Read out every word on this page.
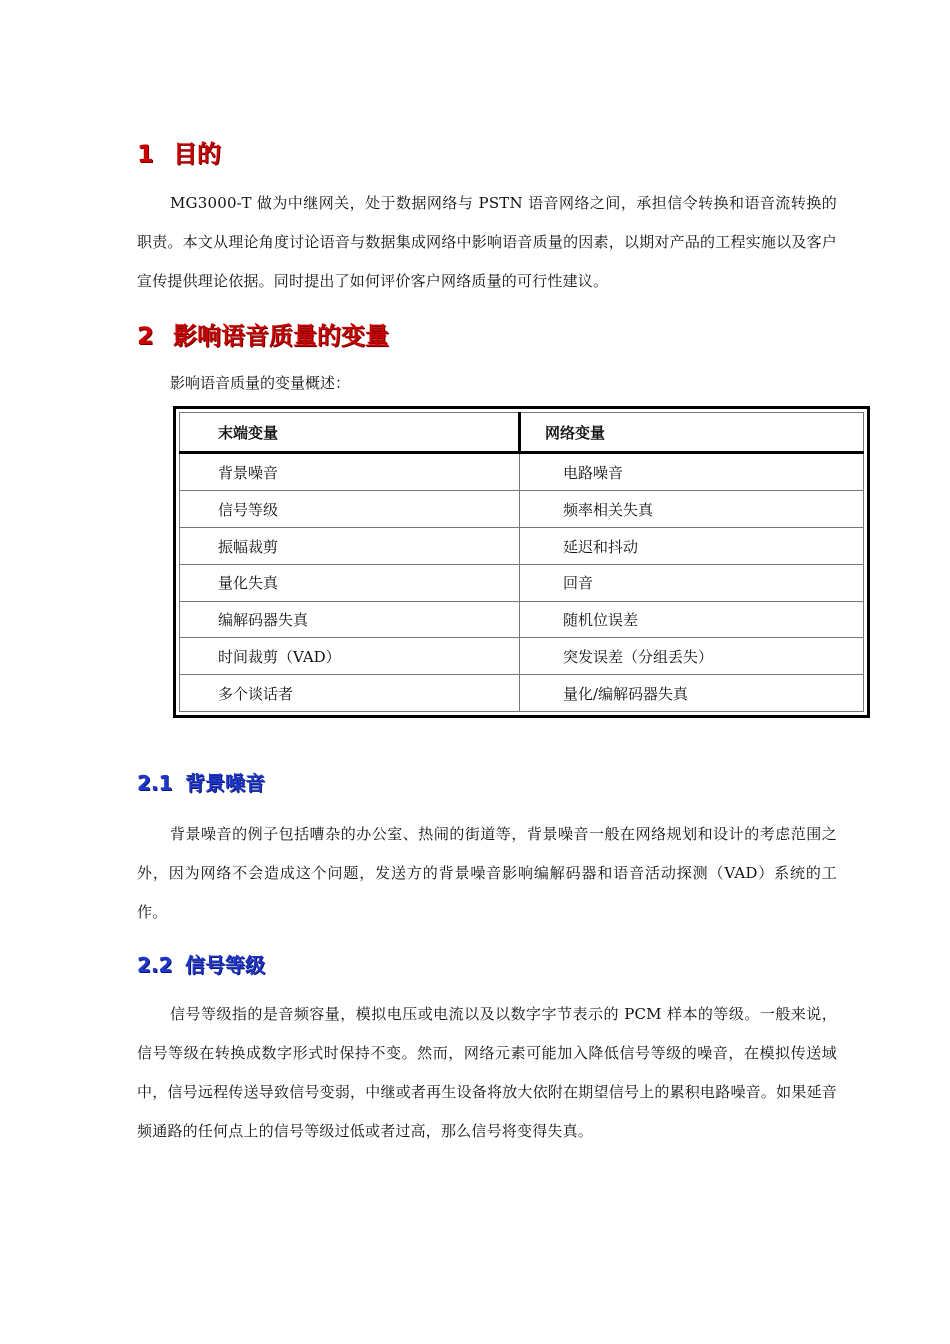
1 目的

MG3000-T 做为中继网关，处于数据网络与 PSTN 语音网络之间，承担信令转换和语音流转换的职责。本文从理论角度讨论语音与数据集成网络中影响语音质量的因素，以期对产品的工程实施以及客户宣传提供理论依据。同时提出了如何评价客户网络质量的可行性建议。

2 影响语音质量的变量

影响语音质量的变量概述：

末端变量	网络变量
背景噪音	电路噪音
信号等级	频率相关失真
振幅裁剪	延迟和抖动
量化失真	回音
编解码器失真	随机位误差
时间裁剪（VAD）	突发误差（分组丢失）
多个谈话者	量化/编解码器失真
2.1 背景噪音

背景噪音的例子包括嘈杂的办公室、热闹的街道等，背景噪音一般在网络规划和设计的考虑范围之外，因为网络不会造成这个问题，发送方的背景噪音影响编解码器和语音活动探测（VAD）系统的工作。

2.2 信号等级

信号等级指的是音频容量，模拟电压或电流以及以数字字节表示的 PCM 样本的等级。一般来说，信号等级在转换成数字形式时保持不变。然而，网络元素可能加入降低信号等级的噪音，在模拟传送域中，信号远程传送导致信号变弱，中继或者再生设备将放大依附在期望信号上的累积电路噪音。如果延音频通路的任何点上的信号等级过低或者过高，那么信号将变得失真。
